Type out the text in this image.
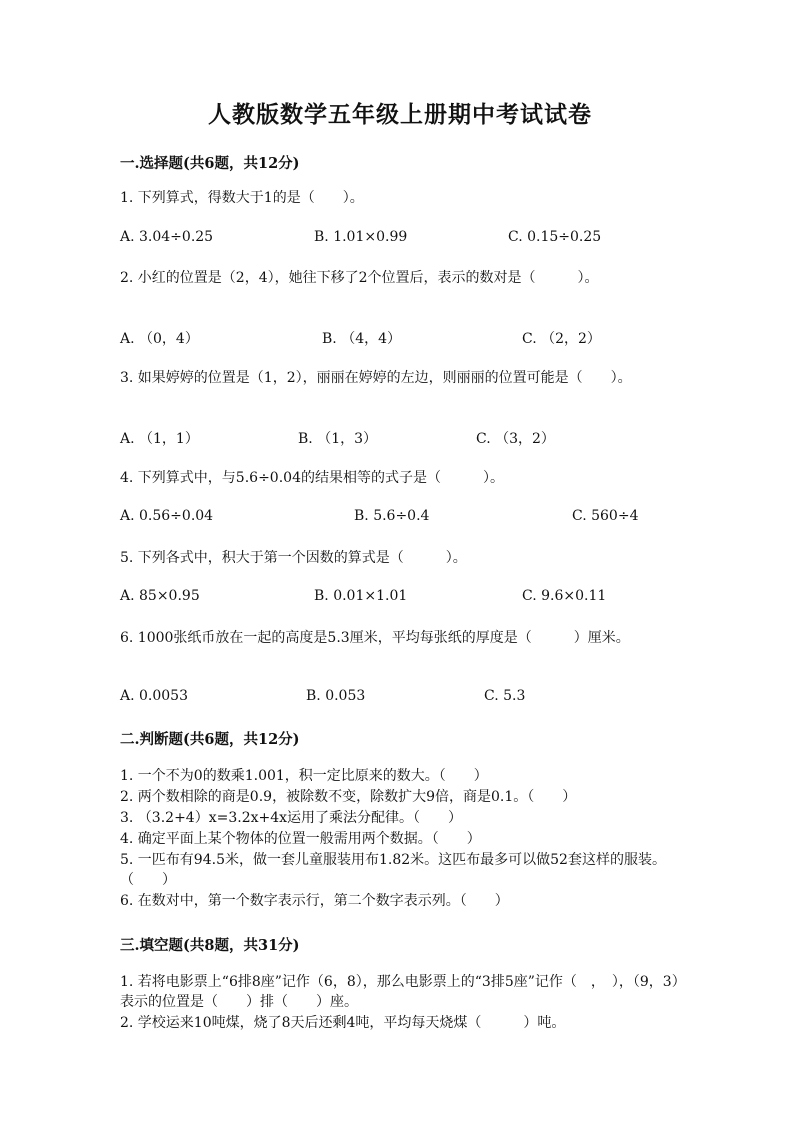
人教版数学五年级上册期中考试试卷
一.选择题(共6题，共12分)
1. 下列算式，得数大于1的是（　　）。
A. 3.04÷0.25	B. 1.01×0.99	C. 0.15÷0.25
2. 小红的位置是（2，4），她往下移了2个位置后，表示的数对是（　　　）。
A. （0，4）	B. （4，4）	C. （2，2）
3. 如果婷婷的位置是（1，2），丽丽在婷婷的左边，则丽丽的位置可能是（　　）。
A. （1，1）	B. （1，3）	C. （3，2）
4. 下列算式中，与5.6÷0.04的结果相等的式子是（　　　）。
A. 0.56÷0.04	B. 5.6÷0.4	C. 560÷4
5. 下列各式中，积大于第一个因数的算式是（　　　）。
A. 85×0.95	B. 0.01×1.01	C. 9.6×0.11
6. 1000张纸币放在一起的高度是5.3厘米，平均每张纸的厚度是（　　　）厘米。
A. 0.0053	B. 0.053	C. 5.3
二.判断题(共6题，共12分)
1. 一个不为0的数乘1.001，积一定比原来的数大。（　　）
2. 两个数相除的商是0.9，被除数不变，除数扩大9倍，商是0.1。（　　）
3. （3.2+4）x=3.2x+4x运用了乘法分配律。（　　）
4. 确定平面上某个物体的位置一般需用两个数据。（　　）
5. 一匹布有94.5米，做一套儿童服装用布1.82米。这匹布最多可以做52套这样的服装。（　　）
6. 在数对中，第一个数字表示行，第二个数字表示列。（　　）
三.填空题(共8题，共31分)
1. 若将电影票上“6排8座”记作（6，8），那么电影票上的“3排5座”记作（　，　），（9，3）表示的位置是（　　）排（　　）座。
2. 学校运来10吨煤，烧了8天后还剩4吨，平均每天烧煤（　　　）吨。
